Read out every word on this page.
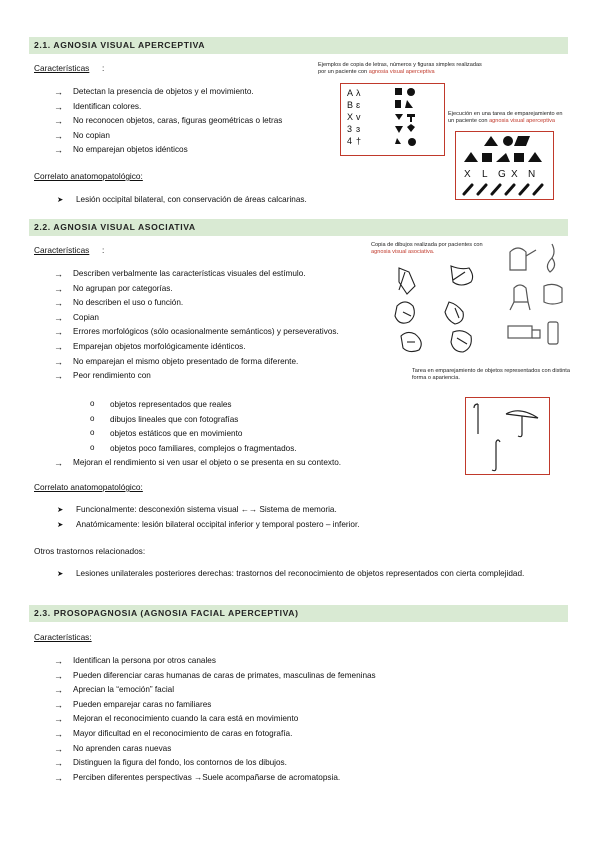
2.1. AGNOSIA VISUAL APERCEPTIVA
Características :
→ Detectan la presencia de objetos y el movimiento.
→ Identifican colores.
→ No reconocen objetos, caras, figuras geométricas o letras
→ No copian
→ No emparejan objetos idénticos
Correlato anatomopatológico:
➤ Lesión occipital bilateral, con conservación de áreas calcarinas.
Ejemplos de copia de letras, números y figuras simples realizadas por un paciente con agnosia visual aperceptiva
A λ
B ɛ
X v
3 ɜ
4 †
Ejecución en una tarea de emparejamiento en un paciente con agnosia visual aperceptiva
X L G X N
2.2. AGNOSIA VISUAL ASOCIATIVA
Características :
→ Describen verbalmente las características visuales del estímulo.
→ No agrupan por categorías.
→ No describen el uso o función.
→ Copian
→ Errores morfológicos (sólo ocasionalmente semánticos) y perseverativos.
→ Emparejan objetos morfológicamente idénticos.
→ No emparejan el mismo objeto presentado de forma diferente.
→ Peor rendimiento con
o objetos representados que reales
o dibujos lineales que con fotografías
o objetos estáticos que en movimiento
o objetos poco familiares, complejos o fragmentados.
→ Mejoran el rendimiento si ven usar el objeto o se presenta en su contexto.
Correlato anatomopatológico:
➤ Funcionalmente: desconexión sistema visual ←→ Sistema de memoria.
➤ Anatómicamente: lesión bilateral occipital inferior y temporal postero – inferior.
Otros trastornos relacionados:
➤ Lesiones unilaterales posteriores derechas: trastornos del reconocimiento de objetos representados con cierta complejidad.
Copia de dibujos realizada por pacientes con agnosia visual asociativa.
Tarea en emparejamiento de objetos representados con distinta forma o apariencia.
2.3. PROSOPAGNOSIA (AGNOSIA FACIAL APERCEPTIVA)
Características:
→ Identifican la persona por otros canales
→ Pueden diferenciar caras humanas de caras de primates, masculinas de femeninas
→ Aprecian la “emoción” facial
→ Pueden emparejar caras no familiares
→ Mejoran el reconocimiento cuando la cara está en movimiento
→ Mayor dificultad en el reconocimiento de caras en fotografía.
→ No aprenden caras nuevas
→ Distinguen la figura del fondo, los contornos de los dibujos.
→ Perciben diferentes perspectivas →Suele acompañarse de acromatopsia.
